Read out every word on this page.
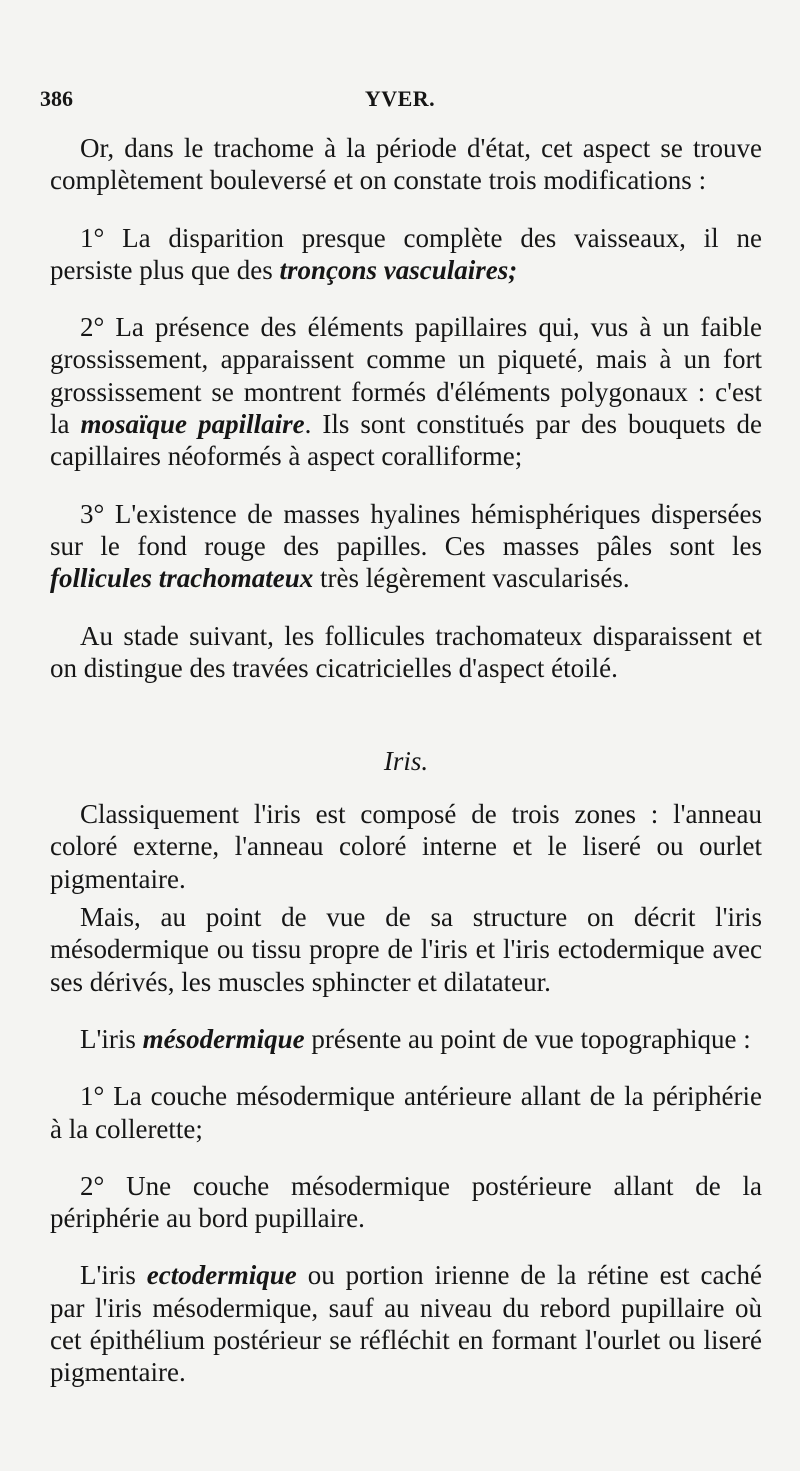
386	YVER.

Or, dans le trachome à la période d'état, cet aspect se trouve complètement bouleversé et on constate trois modifications :

1° La disparition presque complète des vaisseaux, il ne persiste plus que des tronçons vasculaires;

2° La présence des éléments papillaires qui, vus à un faible grossissement, apparaissent comme un piqueté, mais à un fort grossissement se montrent formés d'éléments polygonaux : c'est la mosaïque papillaire. Ils sont constitués par des bouquets de capillaires néoformés à aspect coralliforme;

3° L'existence de masses hyalines hémisphériques dispersées sur le fond rouge des papilles. Ces masses pâles sont les follicules trachomateux très légèrement vascularisés.

Au stade suivant, les follicules trachomateux disparaissent et on distingue des travées cicatricielles d'aspect étoilé.

Iris.

Classiquement l'iris est composé de trois zones : l'anneau coloré externe, l'anneau coloré interne et le liseré ou ourlet pigmentaire.

Mais, au point de vue de sa structure on décrit l'iris mésodermique ou tissu propre de l'iris et l'iris ectodermique avec ses dérivés, les muscles sphincter et dilatateur.

L'iris mésodermique présente au point de vue topographique :

1° La couche mésodermique antérieure allant de la périphérie à la collerette;

2° Une couche mésodermique postérieure allant de la périphérie au bord pupillaire.

L'iris ectodermique ou portion irienne de la rétine est caché par l'iris mésodermique, sauf au niveau du rebord pupillaire où cet épithélium postérieur se réfléchit en formant l'ourlet ou liseré pigmentaire.
